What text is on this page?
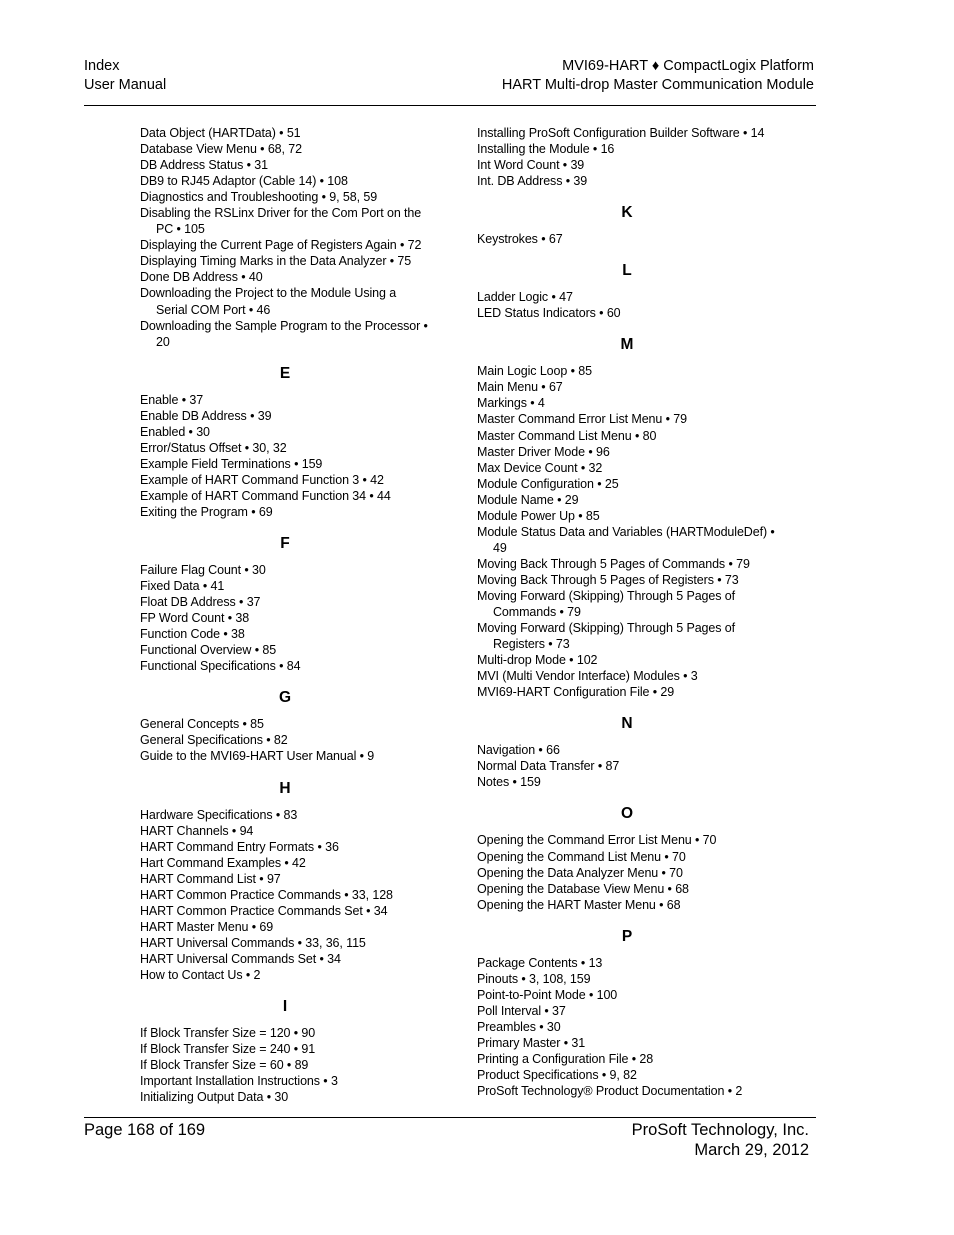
Index
User Manual
MVI69-HART ♦ CompactLogix Platform
HART Multi-drop Master Communication Module
Data Object (HARTData) • 51
Database View Menu • 68, 72
DB Address Status • 31
DB9 to RJ45 Adaptor (Cable 14) • 108
Diagnostics and Troubleshooting • 9, 58, 59
Disabling the RSLinx Driver for the Com Port on the PC • 105
Displaying the Current Page of Registers Again • 72
Displaying Timing Marks in the Data Analyzer • 75
Done DB Address • 40
Downloading the Project to the Module Using a Serial COM Port • 46
Downloading the Sample Program to the Processor • 20
E
Enable • 37
Enable DB Address • 39
Enabled • 30
Error/Status Offset • 30, 32
Example Field Terminations • 159
Example of HART Command Function 3 • 42
Example of HART Command Function 34 • 44
Exiting the Program • 69
F
Failure Flag Count • 30
Fixed Data • 41
Float DB Address • 37
FP Word Count • 38
Function Code • 38
Functional Overview • 85
Functional Specifications • 84
G
General Concepts • 85
General Specifications • 82
Guide to the MVI69-HART User Manual • 9
H
Hardware Specifications • 83
HART Channels • 94
HART Command Entry Formats • 36
Hart Command Examples • 42
HART Command List • 97
HART Common Practice Commands • 33, 128
HART Common Practice Commands Set • 34
HART Master Menu • 69
HART Universal Commands • 33, 36, 115
HART Universal Commands Set • 34
How to Contact Us • 2
I
If Block Transfer Size = 120 • 90
If Block Transfer Size = 240 • 91
If Block Transfer Size = 60 • 89
Important Installation Instructions • 3
Initializing Output Data • 30
Installing ProSoft Configuration Builder Software • 14
Installing the Module • 16
Int Word Count • 39
Int. DB Address • 39
K
Keystrokes • 67
L
Ladder Logic • 47
LED Status Indicators • 60
M
Main Logic Loop • 85
Main Menu • 67
Markings • 4
Master Command Error List Menu • 79
Master Command List Menu • 80
Master Driver Mode • 96
Max Device Count • 32
Module Configuration • 25
Module Name • 29
Module Power Up • 85
Module Status Data and Variables (HARTModuleDef) • 49
Moving Back Through 5 Pages of Commands • 79
Moving Back Through 5 Pages of Registers • 73
Moving Forward (Skipping) Through 5 Pages of Commands • 79
Moving Forward (Skipping) Through 5 Pages of Registers • 73
Multi-drop Mode • 102
MVI (Multi Vendor Interface) Modules • 3
MVI69-HART Configuration File • 29
N
Navigation • 66
Normal Data Transfer • 87
Notes • 159
O
Opening the Command Error List Menu • 70
Opening the Command List Menu • 70
Opening the Data Analyzer Menu • 70
Opening the Database View Menu • 68
Opening the HART Master Menu • 68
P
Package Contents • 13
Pinouts • 3, 108, 159
Point-to-Point Mode • 100
Poll Interval • 37
Preambles • 30
Primary Master • 31
Printing a Configuration File • 28
Product Specifications • 9, 82
ProSoft Technology® Product Documentation • 2
Page 168 of 169	ProSoft Technology, Inc.
March 29, 2012
